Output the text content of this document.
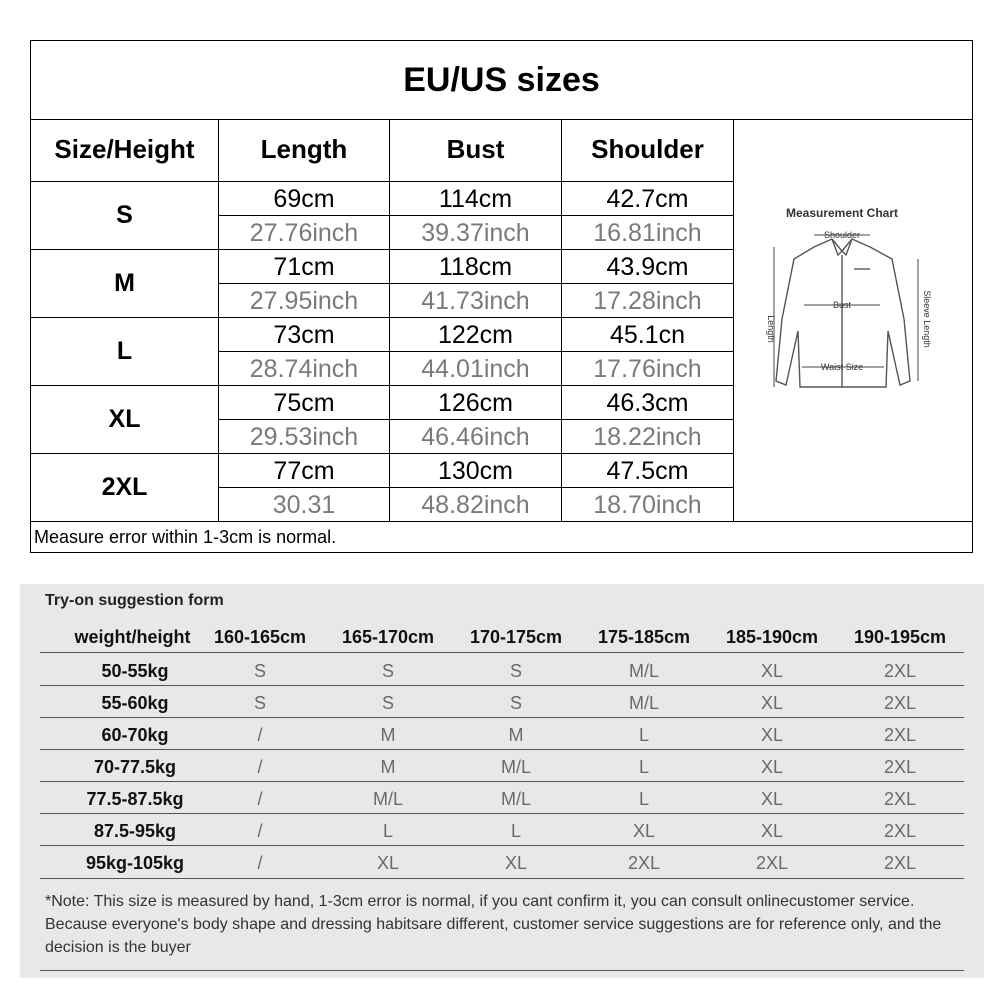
EU/US sizes
Size/Height	Length	Bust	Shoulder
S
69cm	114cm	42.7cm
27.76inch	39.37inch	16.81inch
M
71cm	118cm	43.9cm
27.95inch	41.73inch	17.28inch
L
73cm	122cm	45.1cn
28.74inch	44.01inch	17.76inch
XL
75cm	126cm	46.3cm
29.53inch	46.46inch	18.22inch
2XL
77cm	130cm	47.5cm
30.31	48.82inch	18.70inch
Measurement Chart
Shoulder
Bust
Waist Size
Length	Sleeve Length
Measure error within 1-3cm is normal.
Try-on suggestion form
weight/height	160-165cm	165-170cm	170-175cm	175-185cm	185-190cm	190-195cm
50-55kg	S	S	S	M/L	XL	2XL
55-60kg	S	S	S	M/L	XL	2XL
60-70kg	/	M	M	L	XL	2XL
70-77.5kg	/	M	M/L	L	XL	2XL
77.5-87.5kg	/	M/L	M/L	L	XL	2XL
87.5-95kg	/	L	L	XL	XL	2XL
95kg-105kg	/	XL	XL	2XL	2XL	2XL
*Note: This size is measured by hand, 1-3cm error is normal, if you cant confirm it, you can consult onlinecustomer service. Because everyone's body shape and dressing habitsare different, customer service suggestions are for reference only, and the decision is the buyer
